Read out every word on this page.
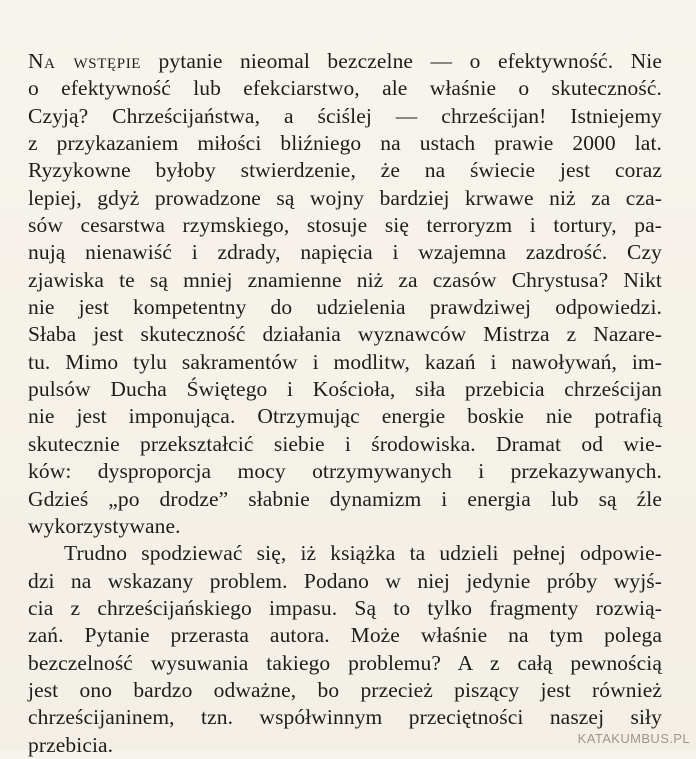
Na wstępie pytanie nieomal bezczelne — o efektywność. Nie
o efektywność lub efekciarstwo, ale właśnie o skuteczność.
Czyją? Chrześcijaństwa, a ściślej — chrześcijan! Istniejemy
z przykazaniem miłości bliźniego na ustach prawie 2000 lat.
Ryzykowne byłoby stwierdzenie, że na świecie jest coraz
lepiej, gdyż prowadzone są wojny bardziej krwawe niż za cza-
sów cesarstwa rzymskiego, stosuje się terroryzm i tortury, pa-
nują nienawiść i zdrady, napięcia i wzajemna zazdrość. Czy
zjawiska te są mniej znamienne niż za czasów Chrystusa? Nikt
nie jest kompetentny do udzielenia prawdziwej odpowiedzi.
Słaba jest skuteczność działania wyznawców Mistrza z Nazare-
tu. Mimo tylu sakramentów i modlitw, kazań i nawoływań, im-
pulsów Ducha Świętego i Kościoła, siła przebicia chrześcijan
nie jest imponująca. Otrzymując energie boskie nie potrafią
skutecznie przekształcić siebie i środowiska. Dramat od wie-
ków: dysproporcja mocy otrzymywanych i przekazywanych.
Gdzieś „po drodze” słabnie dynamizm i energia lub są źle
wykorzystywane.
Trudno spodziewać się, iż książka ta udzieli pełnej odpowie-
dzi na wskazany problem. Podano w niej jedynie próby wyjś-
cia z chrześcijańskiego impasu. Są to tylko fragmenty rozwią-
zań. Pytanie przerasta autora. Może właśnie na tym polega
bezczelność wysuwania takiego problemu? A z całą pewnością
jest ono bardzo odważne, bo przecież piszący jest również
chrześcijaninem, tzn. współwinnym przeciętności naszej siły
przebicia.	KATAKUMBUS.PL
